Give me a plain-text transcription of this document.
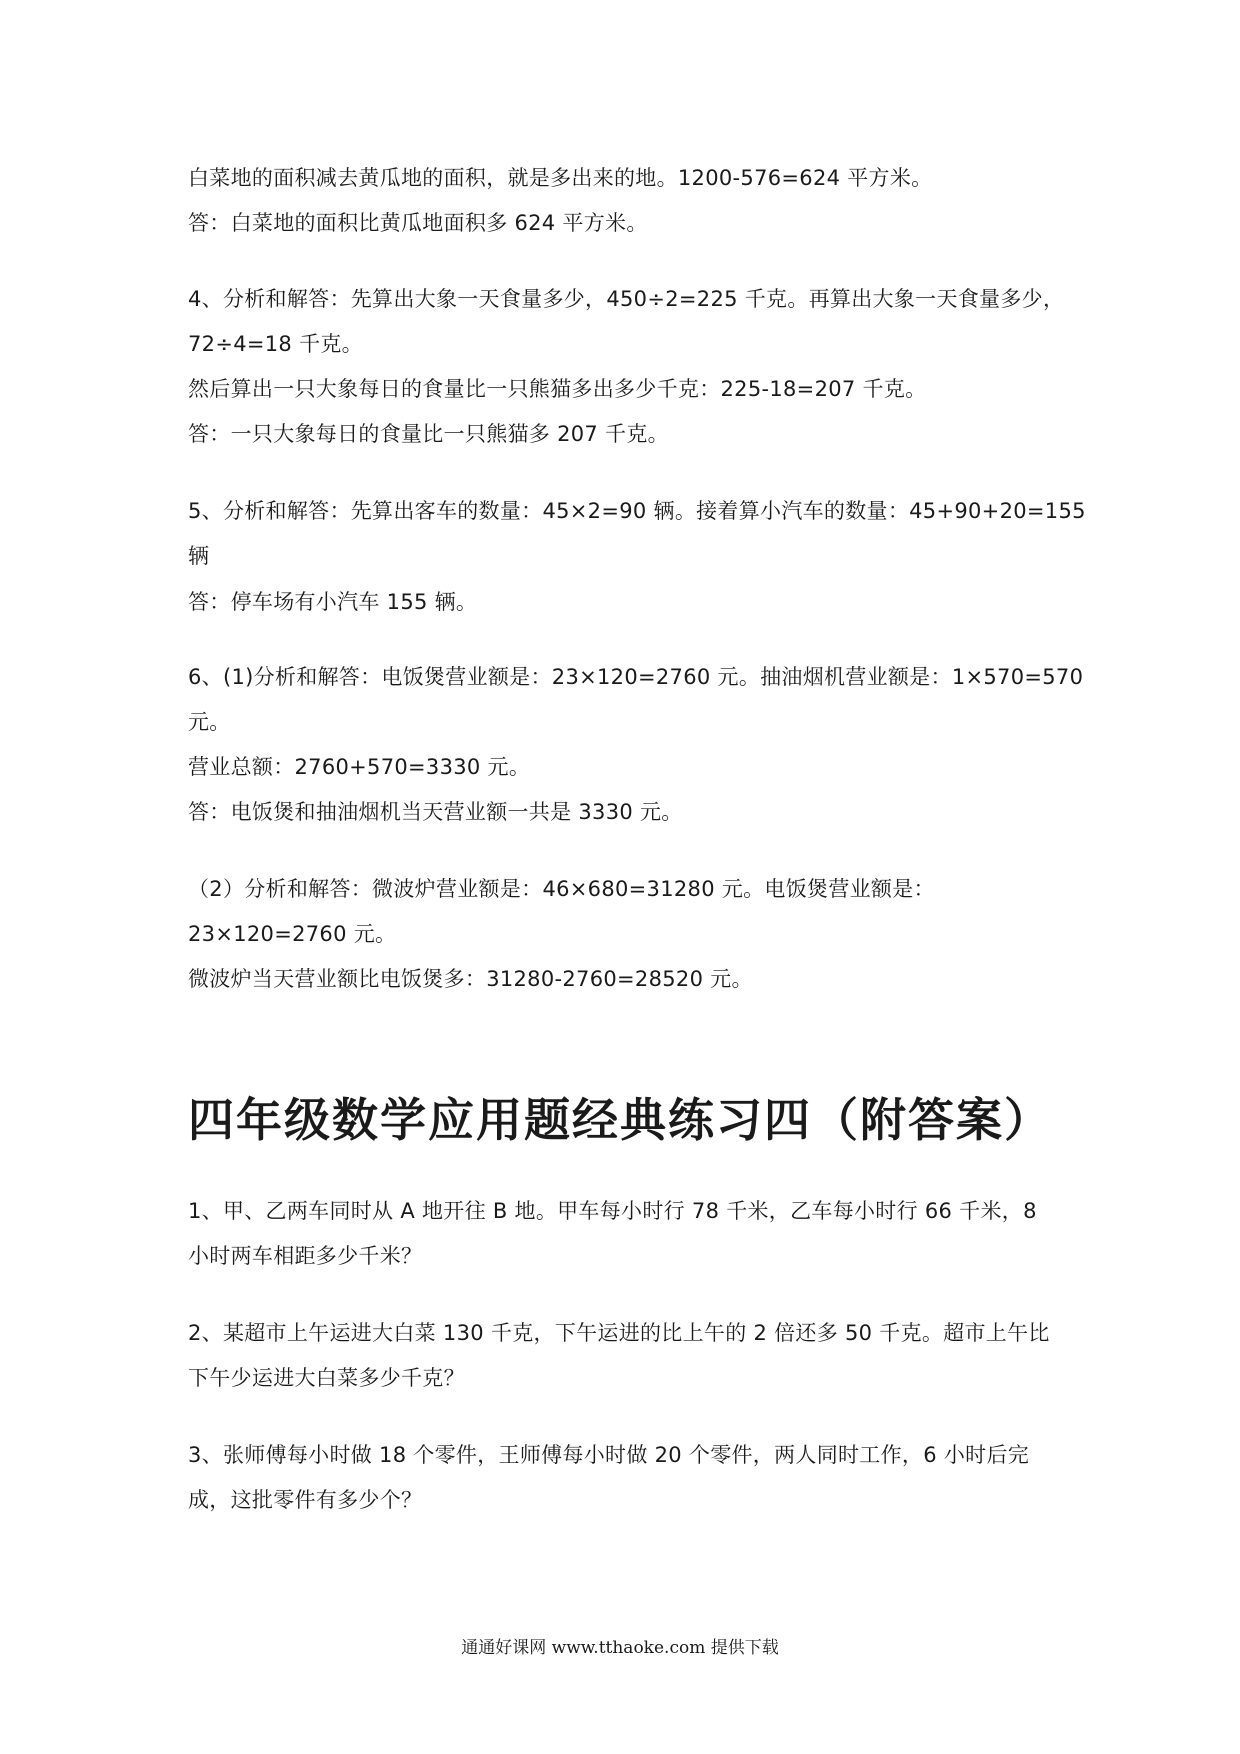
白菜地的面积减去黄瓜地的面积，就是多出来的地。1200-576=624 平方米。
答：白菜地的面积比黄瓜地面积多 624 平方米。
4、分析和解答：先算出大象一天食量多少，450÷2=225 千克。再算出大象一天食量多少，
72÷4=18 千克。
然后算出一只大象每日的食量比一只熊猫多出多少千克：225-18=207 千克。
答：一只大象每日的食量比一只熊猫多 207 千克。
5、分析和解答：先算出客车的数量：45×2=90 辆。接着算小汽车的数量：45+90+20=155
辆
答：停车场有小汽车 155 辆。
6、(1)分析和解答：电饭煲营业额是：23×120=2760 元。抽油烟机营业额是：1×570=570
元。
营业总额：2760+570=3330 元。
答：电饭煲和抽油烟机当天营业额一共是 3330 元。
（2）分析和解答：微波炉营业额是：46×680=31280 元。电饭煲营业额是：
23×120=2760 元。
微波炉当天营业额比电饭煲多：31280-2760=28520 元。
四年级数学应用题经典练习四（附答案）
1、甲、乙两车同时从 A 地开往 B 地。甲车每小时行 78 千米，乙车每小时行 66 千米，8
小时两车相距多少千米？
2、某超市上午运进大白菜 130 千克，下午运进的比上午的 2 倍还多 50 千克。超市上午比
下午少运进大白菜多少千克？
3、张师傅每小时做 18 个零件，王师傅每小时做 20 个零件，两人同时工作，6 小时后完
成，这批零件有多少个？
通通好课网 www.tthaoke.com 提供下载
